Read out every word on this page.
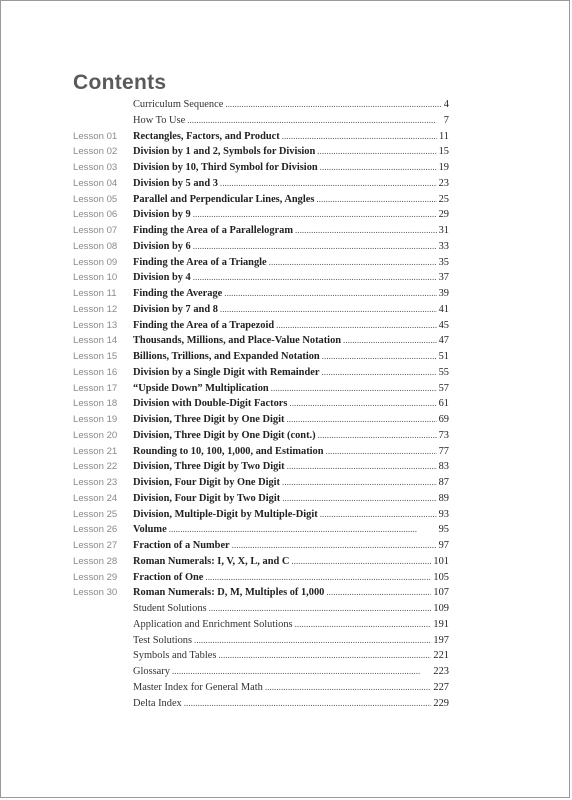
Contents
Curriculum Sequence . . .	4
How To Use . . .	7
Lesson 01	Rectangles, Factors, and Product . . .	11
Lesson 02	Division by 1 and 2, Symbols for Division . . .	15
Lesson 03	Division by 10, Third Symbol for Division . . .	19
Lesson 04	Division by 5 and 3 . . .	23
Lesson 05	Parallel and Perpendicular Lines, Angles . . .	25
Lesson 06	Division by 9 . . .	29
Lesson 07	Finding the Area of a Parallelogram . . .	31
Lesson 08	Division by 6 . . .	33
Lesson 09	Finding the Area of a Triangle . . .	35
Lesson 10	Division by 4 . . .	37
Lesson 11	Finding the Average . . .	39
Lesson 12	Division by 7 and 8 . . .	41
Lesson 13	Finding the Area of a Trapezoid . . .	45
Lesson 14	Thousands, Millions, and Place-Value Notation . . .	47
Lesson 15	Billions, Trillions, and Expanded Notation . . .	51
Lesson 16	Division by a Single Digit with Remainder . . .	55
Lesson 17	“Upside Down” Multiplication . . .	57
Lesson 18	Division with Double-Digit Factors . . .	61
Lesson 19	Division, Three Digit by One Digit . . .	69
Lesson 20	Division, Three Digit by One Digit (cont.) . . .	73
Lesson 21	Rounding to 10, 100, 1,000, and Estimation . . .	77
Lesson 22	Division, Three Digit by Two Digit . . .	83
Lesson 23	Division, Four Digit by One Digit . . .	87
Lesson 24	Division, Four Digit by Two Digit . . .	89
Lesson 25	Division, Multiple-Digit by Multiple-Digit . . .	93
Lesson 26	Volume . . .	95
Lesson 27	Fraction of a Number . . .	97
Lesson 28	Roman Numerals: I, V, X, L, and C . . .	101
Lesson 29	Fraction of One . . .	105
Lesson 30	Roman Numerals: D, M, Multiples of 1,000 . . .	107
Student Solutions . . .	109
Application and Enrichment Solutions . . .	191
Test Solutions . . .	197
Symbols and Tables . . .	221
Glossary . . .	223
Master Index for General Math . . .	227
Delta Index . . .	229
